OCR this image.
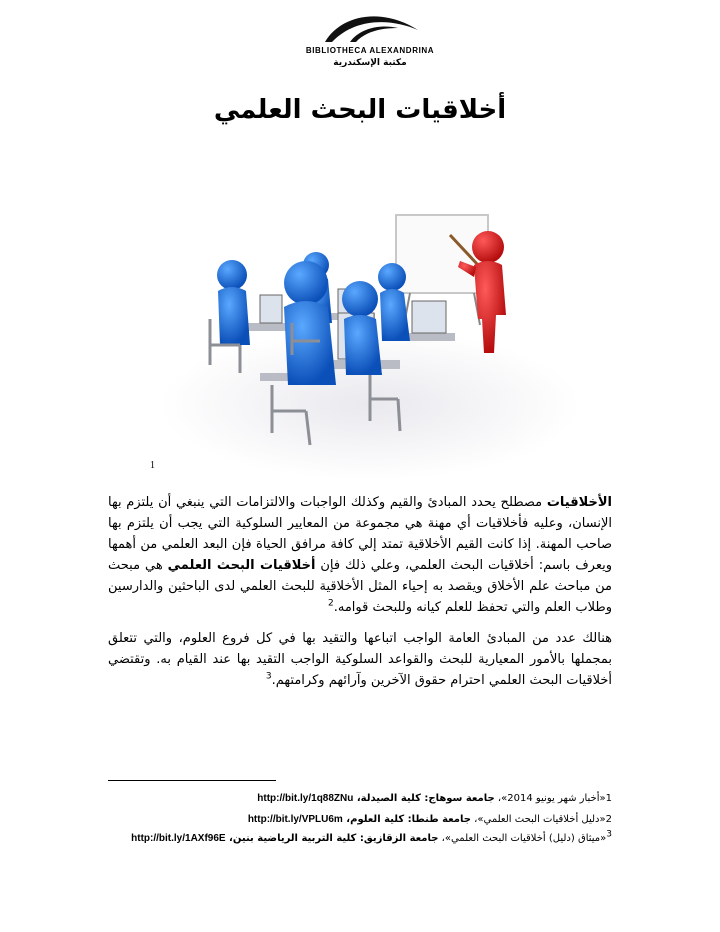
BIBLIOTHECA ALEXANDRINA
مكتبة الإسكندرية
أخلاقيات البحث العلمي
1
الأخلاقيات مصطلح يحدد المبادئ والقيم وكذلك الواجبات والالتزامات التي ينبغي أن يلتزم بها الإنسان، وعليه فأخلاقيات أي مهنة هي مجموعة من المعايير السلوكية التي يجب أن يلتزم بها صاحب المهنة. إذا كانت القيم الأخلاقية تمتد إلي كافة مرافق الحياة فإن البعد العلمي من أهمها ويعرف باسم: أخلاقيات البحث العلمي، وعلي ذلك فإن أخلاقيات البحث العلمي هي مبحث من مباحث علم الأخلاق ويقصد به إحياء المثل الأخلاقية للبحث العلمي لدى الباحثين والدارسين وطلاب العلم والتي تحفظ للعلم كيانه وللبحث قوامه.$^2$
هنالك عدد من المبادئ العامة الواجب اتباعها والتقيد بها في كل فروع العلوم، والتي تتعلق بمجملها بالأمور المعيارية للبحث والقواعد السلوكية الواجب التقيد بها عند القيام به. وتقتضي أخلاقيات البحث العلمي احترام حقوق الآخرين وآرائهم وكرامتهم.$^3$
1«أخبار شهر يونيو 2014»، جامعة سوهاج: كلية الصيدلة، http://bit.ly/1q88ZNu
2«دليل أخلاقيات البحث العلمي»، جامعة طنطا: كلية العلوم، http://bit.ly/VPLU6m
$^3$«ميثاق (دليل) أخلاقيات البحث العلمي»، جامعة الزقازيق: كلية التربية الرياضية بنين، http://bit.ly/1AXf96E
